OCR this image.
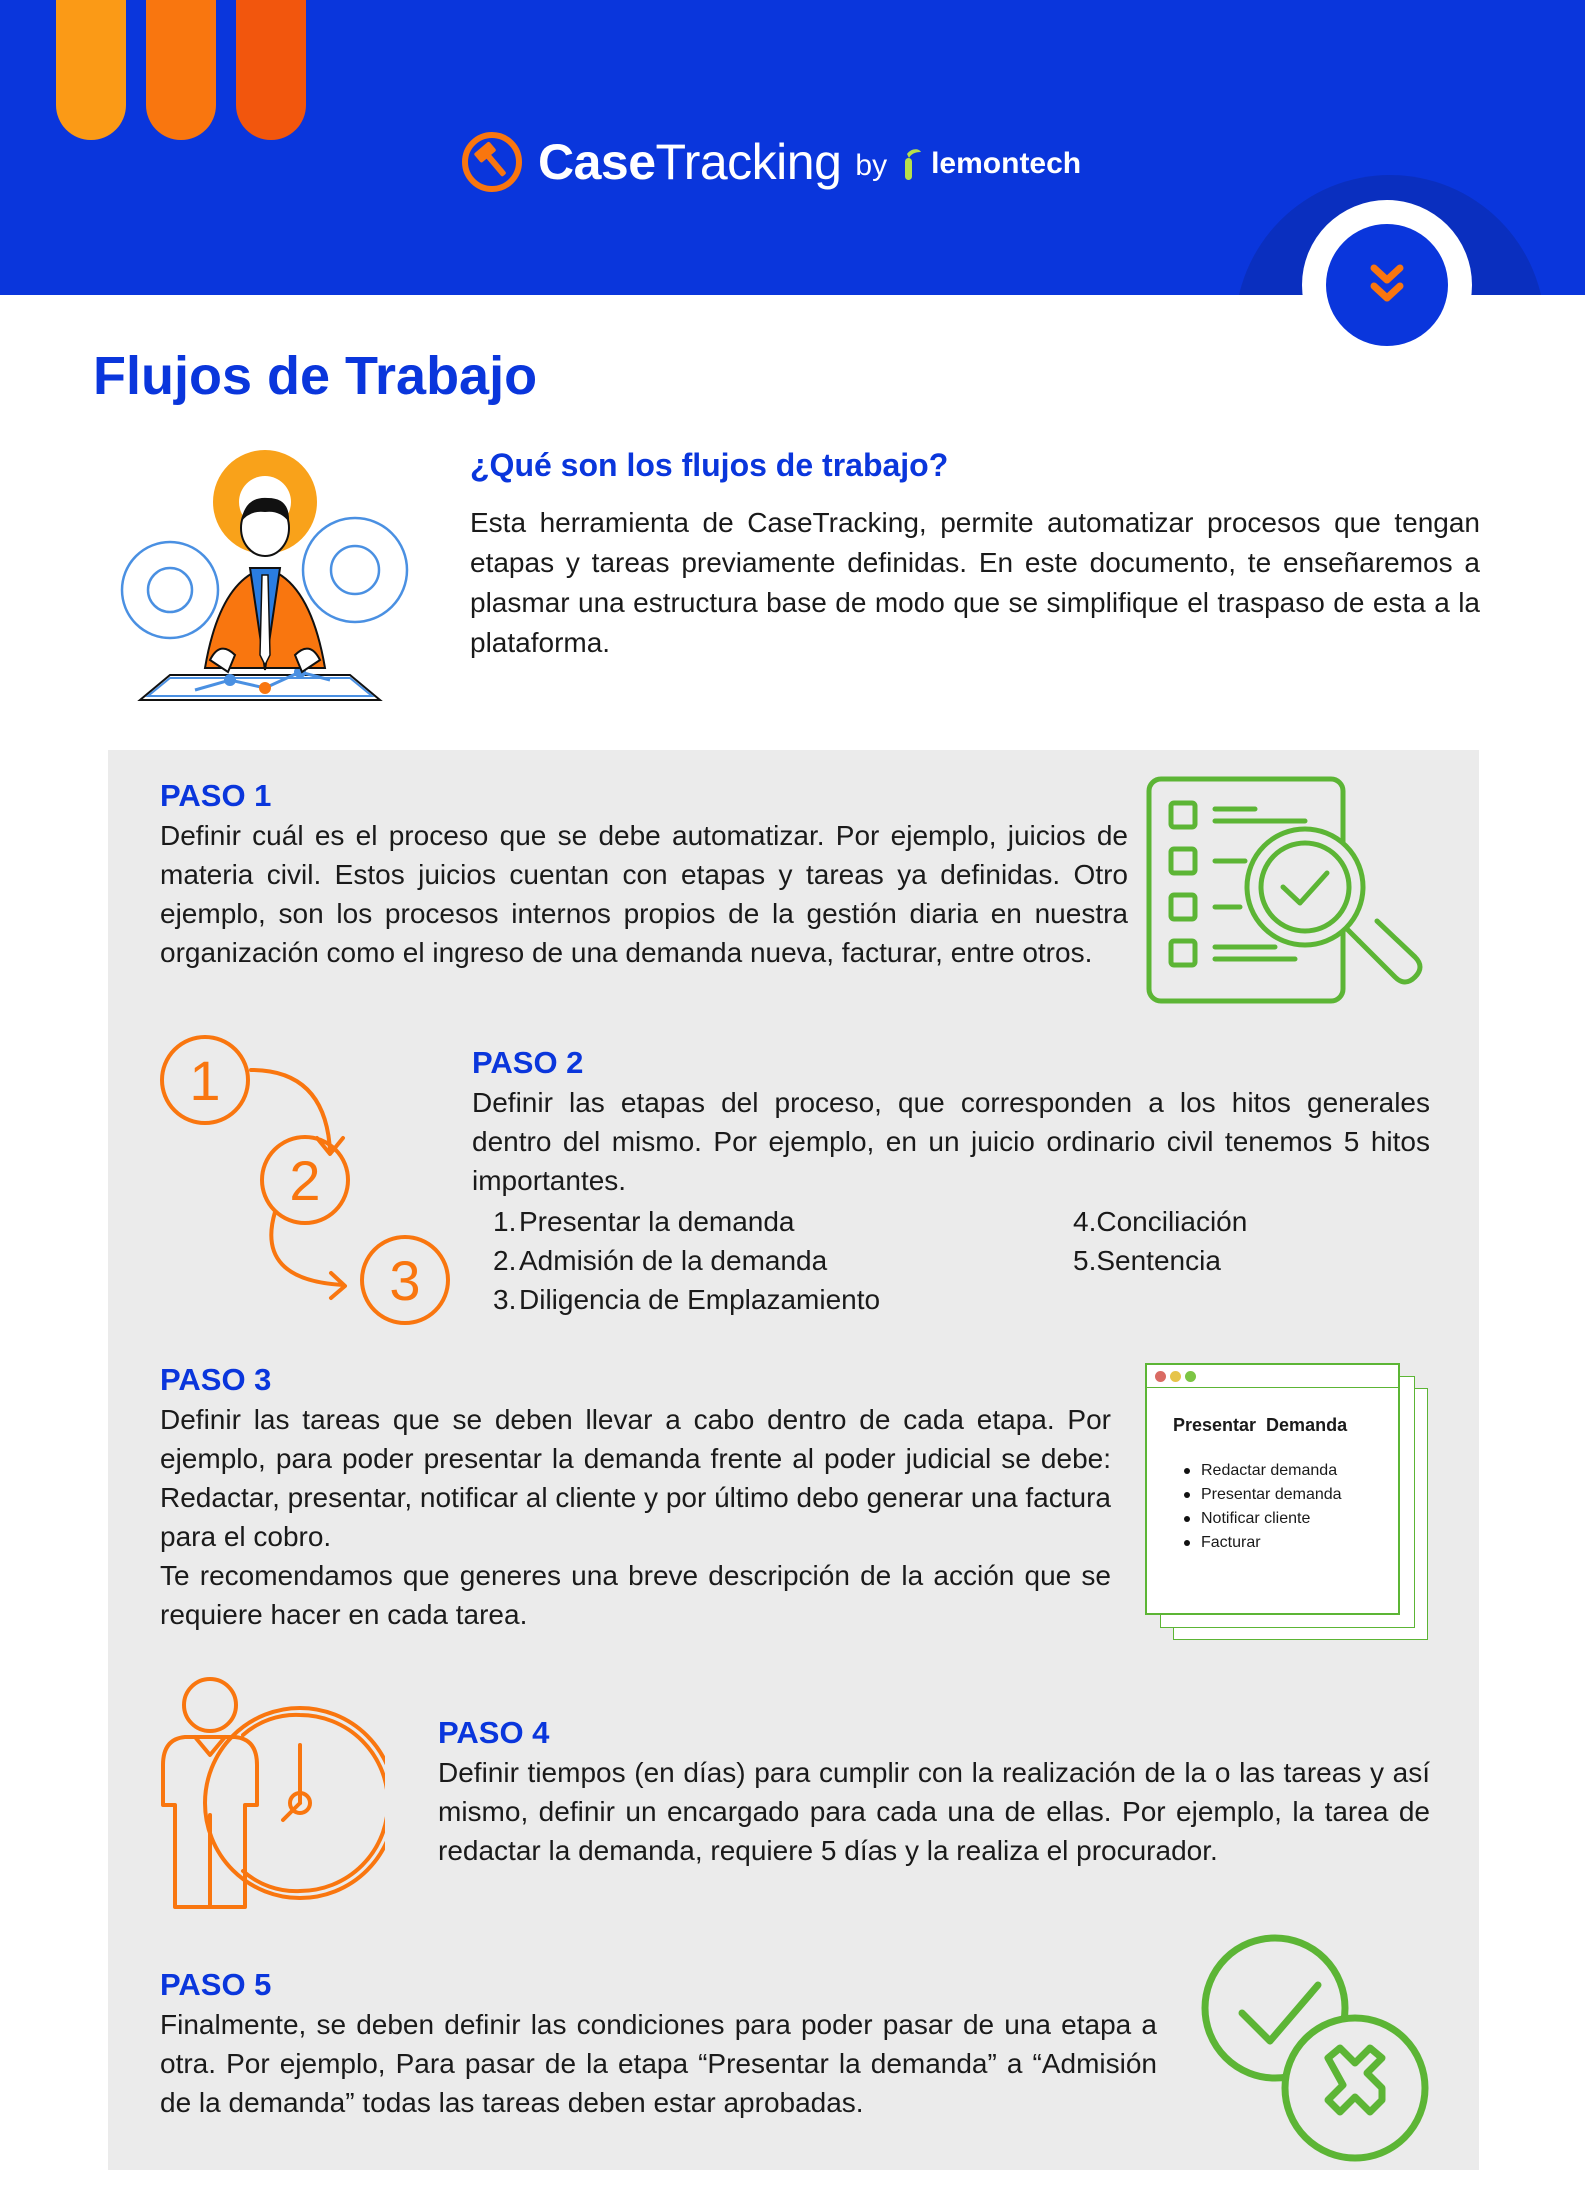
Case Tracking by lemontech
Flujos de Trabajo
¿Qué son los flujos de trabajo?

Esta herramienta de CaseTracking, permite automatizar procesos que tengan etapas y tareas previamente definidas. En este documento, te enseñaremos a plasmar una estructura base de modo que se simplifique el traspaso de esta a la plataforma.

PASO 1

Definir cuál es el proceso que se debe automatizar. Por ejemplo, juicios de materia civil. Estos juicios cuentan con etapas y tareas ya definidas. Otro ejemplo, son los procesos internos propios de la gestión diaria en nuestra organización como el ingreso de una demanda nueva, facturar, entre otros.

1
2
3
PASO 2

Definir las etapas del proceso, que corresponden a los hitos generales dentro del mismo. Por ejemplo, en un juicio ordinario civil tenemos 5 hitos importantes.

1. Presentar la demanda
2. Admisión de la demanda
3. Diligencia de Emplazamiento
4. Conciliación
5. Sentencia
PASO 3

Definir las tareas que se deben llevar a cabo dentro de cada etapa. Por ejemplo, para poder presentar la demanda frente al poder judicial se debe: Redactar, presentar, notificar al cliente y por último debo generar una factura para el cobro.

Te recomendamos que generes una breve descripción de la acción que se requiere hacer en cada tarea.

Presentar Demanda
Redactar demanda
Presentar demanda
Notificar cliente
Facturar
PASO 4

Definir tiempos (en días) para cumplir con la realización de la o las tareas y así mismo, definir un encargado para cada una de ellas. Por ejemplo, la tarea de redactar la demanda, requiere 5 días y la realiza el procurador.

PASO 5

Finalmente, se deben definir las condiciones para poder pasar de una etapa a otra. Por ejemplo, Para pasar de la etapa “Presentar la demanda” a “Admisión de la demanda” todas las tareas deben estar aprobadas.
